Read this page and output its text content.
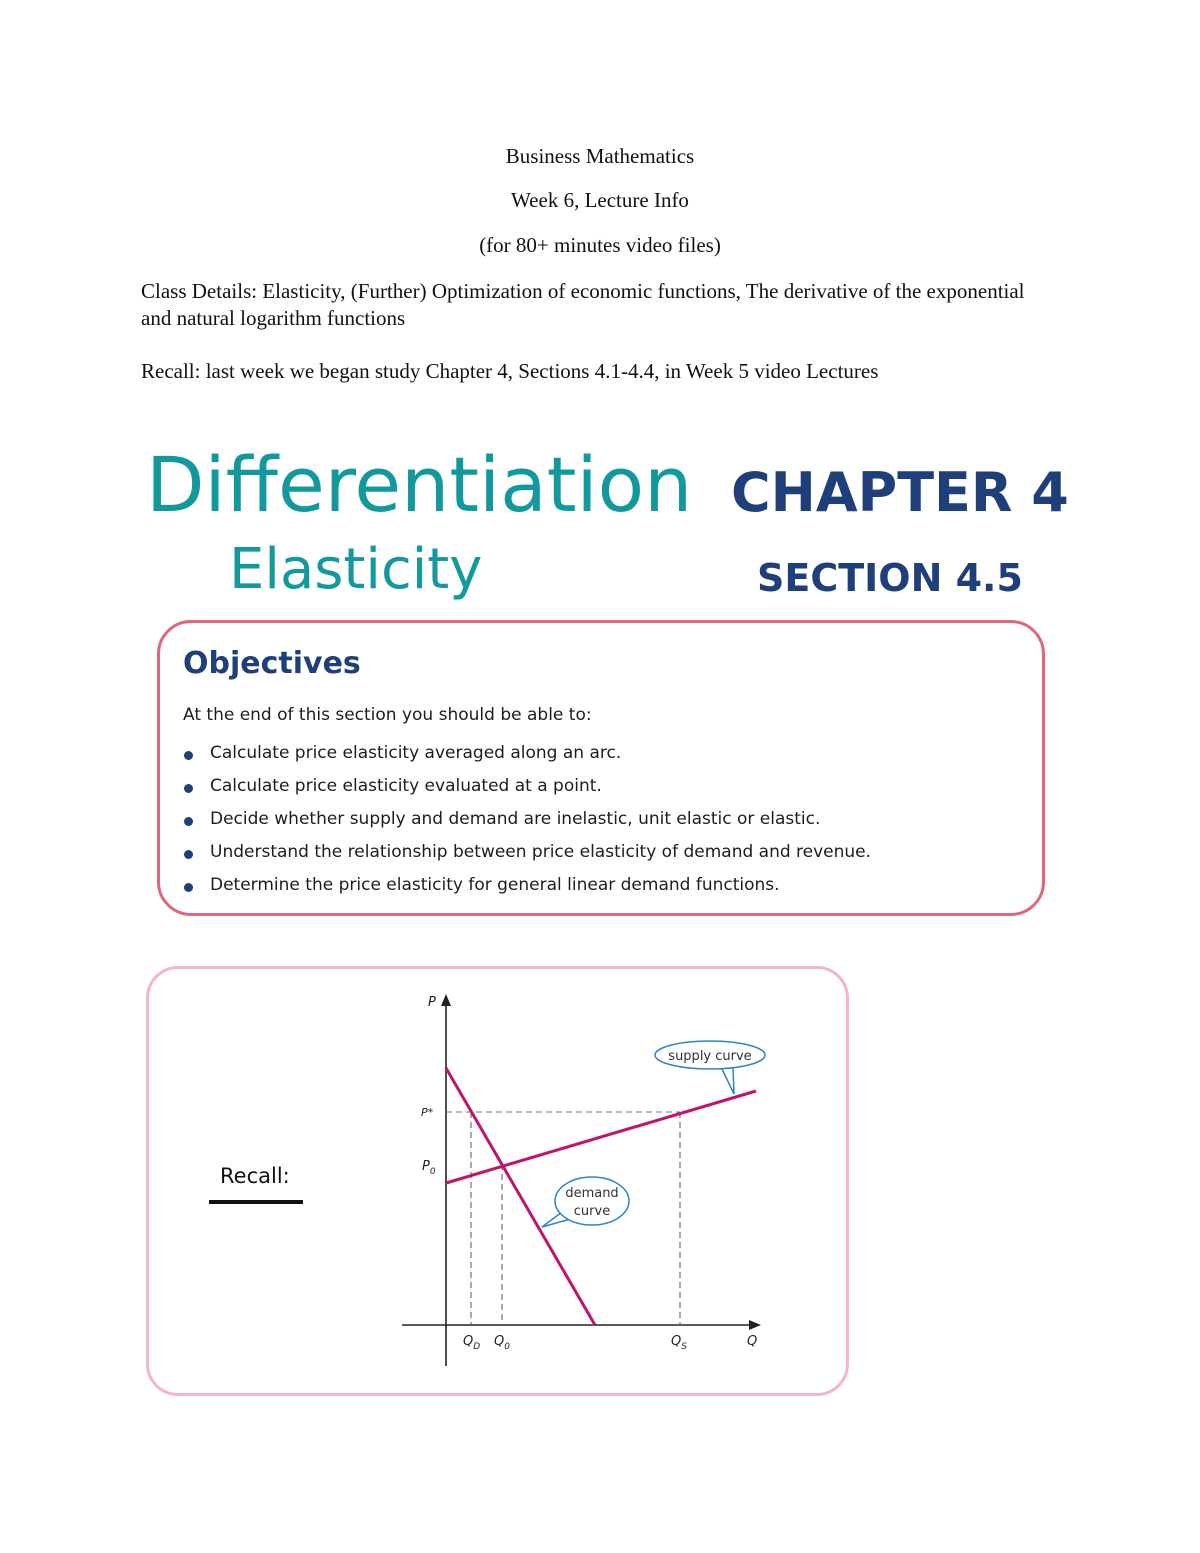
Business Mathematics
Week 6, Lecture Info
(for 80+ minutes video files)
Class Details: Elasticity, (Further) Optimization of economic functions, The derivative of the exponential and natural logarithm functions
Recall: last week we began study Chapter 4, Sections 4.1-4.4, in Week 5 video Lectures
Differentiation CHAPTER 4
Elasticity	SECTION 4.5
Objectives
At the end of this section you should be able to:
Calculate price elasticity averaged along an arc.
Calculate price elasticity evaluated at a point.
Decide whether supply and demand are inelastic, unit elastic or elastic.
Understand the relationship between price elasticity of demand and revenue.
Determine the price elasticity for general linear demand functions.
Recall:
P
Q
P*
$P_0$
$Q_D$ $Q_0$	$Q_S$
supply curve
demand
curve
